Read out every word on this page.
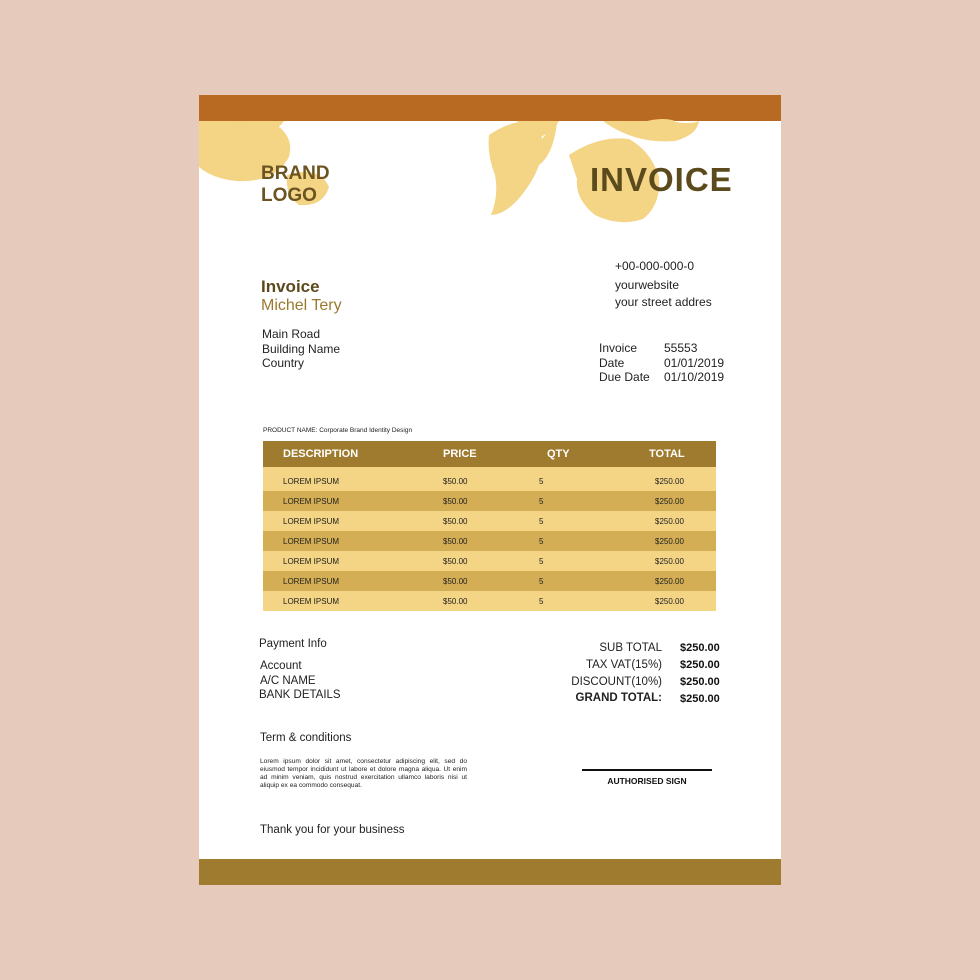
BRAND
LOGO	INVOICE
+00-000-000-0
yourwebsite
your street addres
Invoice
Michel Tery
Main Road
Building Name
Country
Invoice 55553
Date	01/01/2019
Due Date 01/10/2019
PRODUCT NAME: Corporate Brand Identity Design
DESCRIPTION	PRICE	QTY	TOTAL
LOREM IPSUM	$50.00	5	$250.00
LOREM IPSUM	$50.00	5	$250.00
LOREM IPSUM	$50.00	5	$250.00
LOREM IPSUM	$50.00	5	$250.00
LOREM IPSUM	$50.00	5	$250.00
LOREM IPSUM	$50.00	5	$250.00
LOREM IPSUM	$50.00	5	$250.00
Payment Info
Account
A/C NAME
BANK DETAILS
SUB TOTAL $250.00
TAX VAT(15%) $250.00
DISCOUNT(10%) $250.00
GRAND TOTAL: $250.00
Term & conditions
Lorem ipsum dolor sit amet, consectetur adipiscing elit, sed do eiusmod tempor incididunt ut labore et dolore magna aliqua. Ut enim ad minim veniam, quis nostrud exercitation ullamco laboris nisi ut aliquip ex ea commodo consequat.	AUTHORISED SIGN
Thank you for your business
